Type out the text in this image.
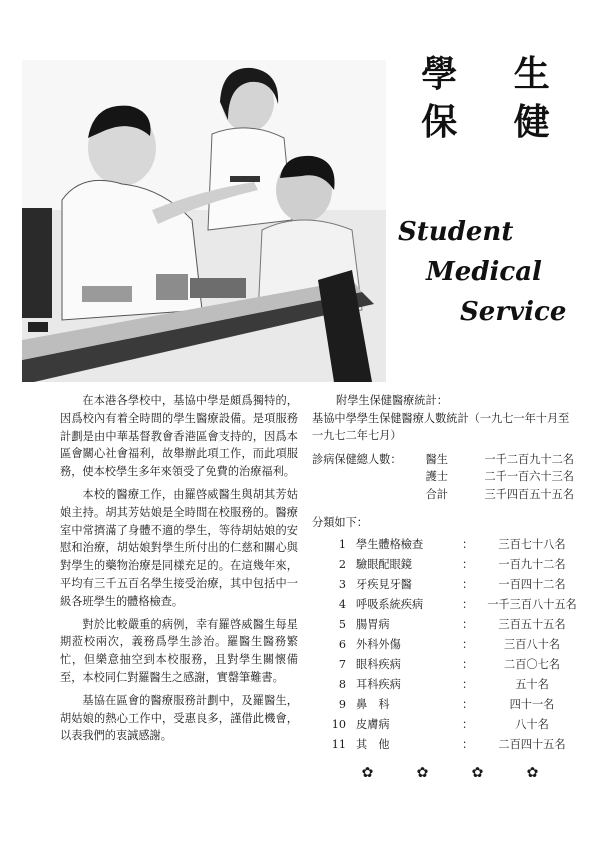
學	生
保	健
Student
Medical
Service

在本港各學校中，基協中學是頗爲獨特的，因爲校內有着全時間的學生醫療設備。是項服務計劃是由中華基督教會香港區會支持的，因爲本區會關心社會福利，故舉辦此項工作，而此項服務，使本校學生多年來領受了免費的治療福利。

本校的醫療工作，由羅啓威醫生與胡其芳姑娘主持。胡其芳姑娘是全時間在校服務的。醫療室中常擠滿了身體不適的學生，等待胡姑娘的安慰和治療，胡姑娘對學生所付出的仁慈和關心與對學生的藥物治療是同樣充足的。在這幾年來，平均有三千五百名學生接受治療，其中包括中一級各班學生的體格檢查。

對於比較嚴重的病例，幸有羅啓威醫生每星期蒞校兩次，義務爲學生診治。羅醫生醫務繁忙，但樂意抽空到本校服務，且對學生關懷備至，本校同仁對羅醫生之感謝，實罄筆難書。

基協在區會的醫療服務計劃中，及羅醫生，胡姑娘的熱心工作中，受惠良多，謹借此機會，以表我們的衷誠感謝。

附學生保健醫療統計：
基協中學學生保健醫療人數統計（一九七一年十月至一九七二年七月）
診病保健總人數：	醫生	一千二百九十二名
護士	二千一百六十三名
合計	三千四百五十五名
分類如下：
1 學生體格檢查	：	三百七十八名
2 驗眼配眼鏡	：	一百九十二名
3 牙疾見牙醫	：	一百四十二名
4 呼吸系統疾病	：	一千三百八十五名
5 腸胃病	：	三百五十五名
6 外科外傷	：	三百八十名
7 眼科疾病	：	二百〇七名
8 耳科疾病	：	五十名
9 鼻　科	：	四十一名
10 皮膚病	：	八十名
11 其　他	：	二百四十五名
✿	✿	✿	✿
